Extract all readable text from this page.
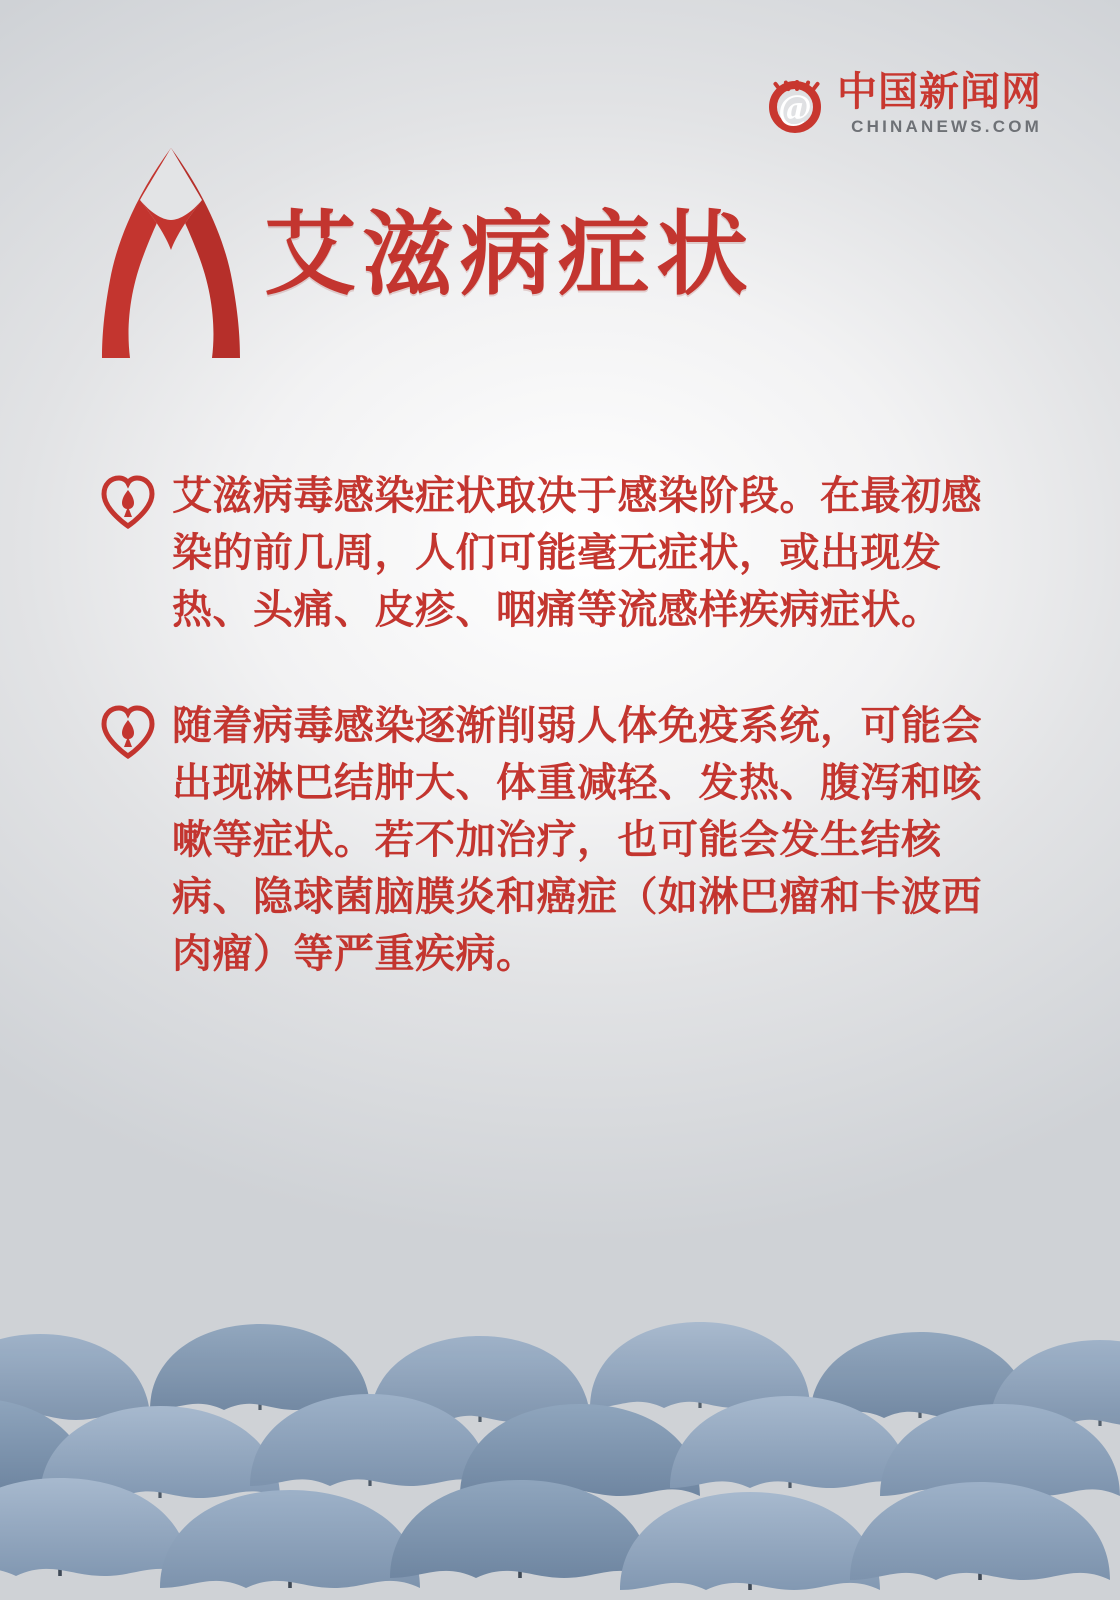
@ 中国新闻网
CHINANEWS.COM
艾滋病症状
艾滋病毒感染症状取决于感染阶段。在最初感染的前几周，人们可能毫无症状，或出现发热、头痛、皮疹、咽痛等流感样疾病症状。
随着病毒感染逐渐削弱人体免疫系统，可能会出现淋巴结肿大、体重减轻、发热、腹泻和咳嗽等症状。若不加治疗，也可能会发生结核病、隐球菌脑膜炎和癌症（如淋巴瘤和卡波西肉瘤）等严重疾病。
